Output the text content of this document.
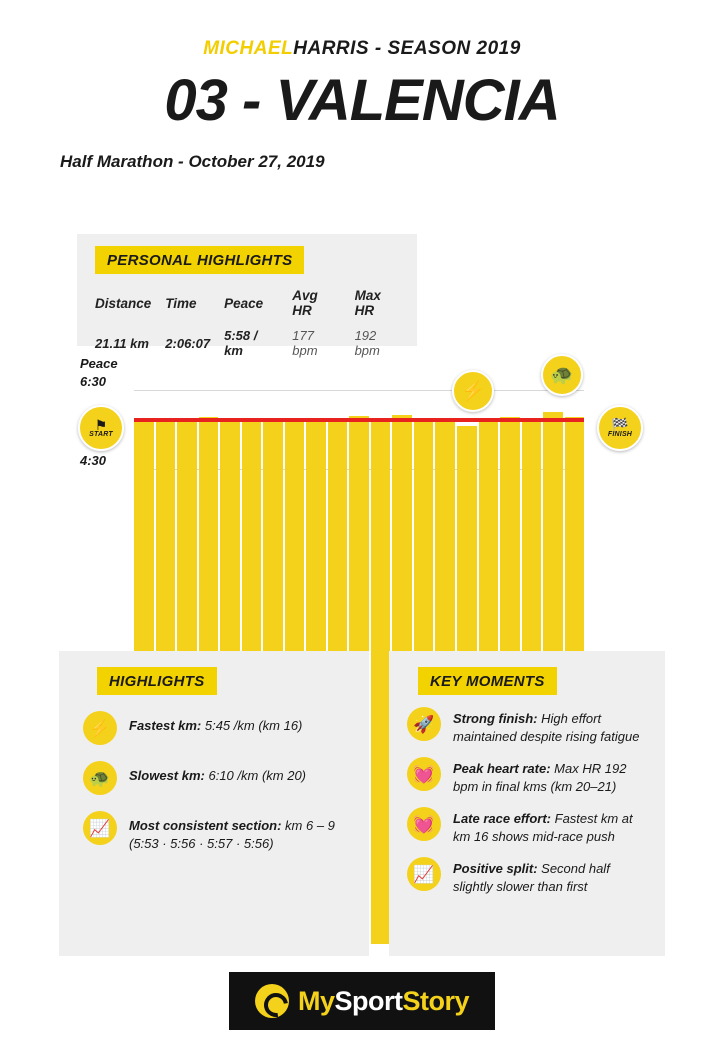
MICHAELHARRIS - SEASON 2019
03 - VALENCIA
Half Marathon - October 27, 2019
PERSONAL HIGHLIGHTS
Distance	Time	Peace	Avg HR	Max HR
21.11 km	2:06:07	5:58 / km	177 bpm	192 bpm
Peace
6:30
4:30
⚑
START
🏁
FINISH
⚡
🐢
HIGHLIGHTS
⚡	Fastest km: 5:45 /km (km 16)
🐢	Slowest km: 6:10 /km (km 20)
📈	Most consistent section: km 6 – 9 (5:53 · 5:56 · 5:57 · 5:56)
KEY MOMENTS
🚀	Strong finish: High effort maintained despite rising fatigue
💓	Peak heart rate: Max HR 192 bpm in final kms (km 20–21)
💓	Late race effort: Fastest km at km 16 shows mid-race push
📈	Positive split: Second half slightly slower than first
MySportStory
